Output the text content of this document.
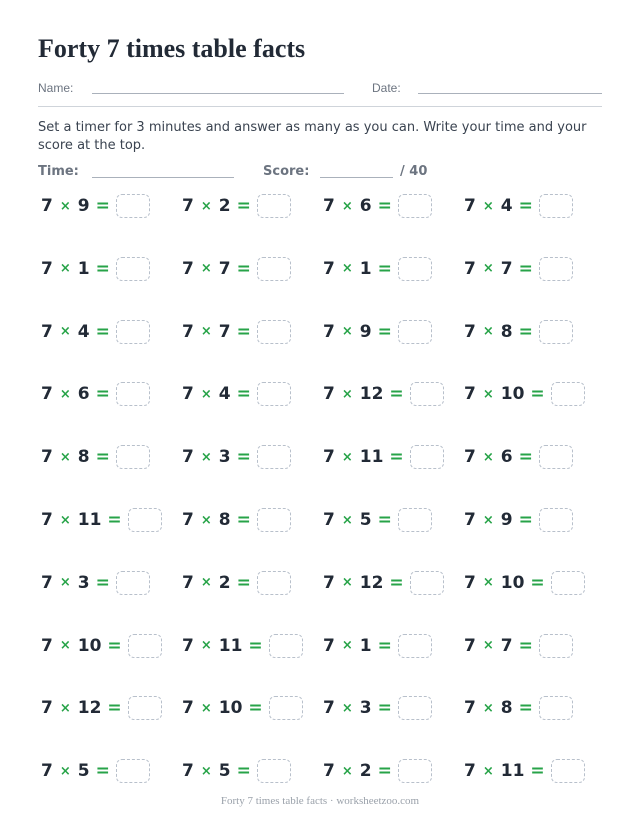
Forty 7 times table facts
Name:	Date:
Set a timer for 3 minutes and answer as many as you can. Write your time and your score at the top.
Time:	Score:	/ 40
7 × 9 =	7 × 2 =	7 × 6 =	7 × 4 =
7 × 1 =	7 × 7 =	7 × 1 =	7 × 7 =
7 × 4 =	7 × 7 =	7 × 9 =	7 × 8 =
7 × 6 =	7 × 4 =	7 × 12 =	7 × 10 =
7 × 8 =	7 × 3 =	7 × 11 =	7 × 6 =
7 × 11 =	7 × 8 =	7 × 5 =	7 × 9 =
7 × 3 =	7 × 2 =	7 × 12 =	7 × 10 =
7 × 10 =	7 × 11 =	7 × 1 =	7 × 7 =
7 × 12 =	7 × 10 =	7 × 3 =	7 × 8 =
7 × 5 =	7 × 5 =	7 × 2 =	7 × 11 =
Forty 7 times table facts · worksheetzoo.com
